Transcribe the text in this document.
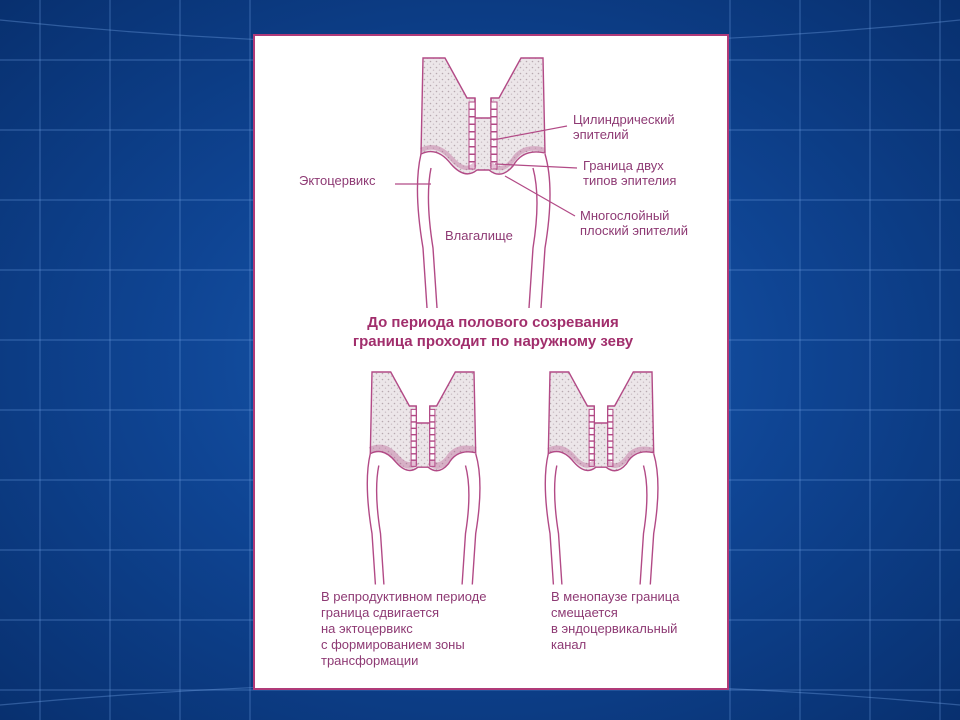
Цилиндрический
эпителий
Граница двух
типов эпителия
Многослойный
плоский эпителий
Эктоцервикс
Влагалище
До периода полового созревания
граница проходит по наружному зеву
В репродуктивном периоде
граница сдвигается
на эктоцервикс
с формированием зоны
трансформации
В менопаузе граница
смещается
в эндоцервикальный
канал
